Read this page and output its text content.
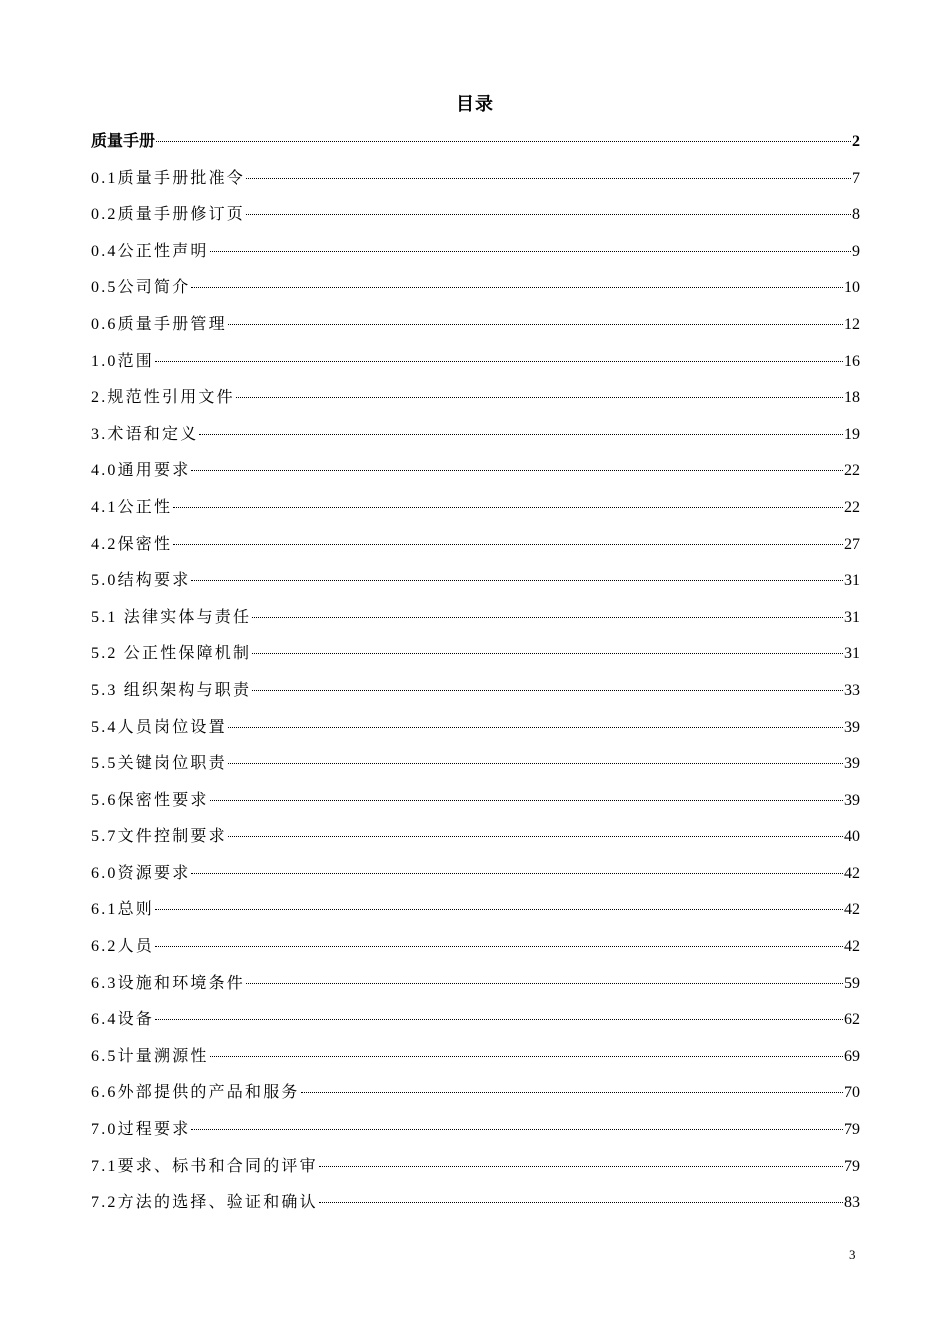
目录
质量手册	2
0.1质量手册批准令	7
0.2质量手册修订页	8
0.4公正性声明	9
0.5公司简介	10
0.6质量手册管理	12
1.0范围	16
2.规范性引用文件	18
3.术语和定义	19
4.0通用要求	22
4.1公正性	22
4.2保密性	27
5.0结构要求	31
5.1 法律实体与责任	31
5.2 公正性保障机制	31
5.3 组织架构与职责	33
5.4人员岗位设置	39
5.5关键岗位职责	39
5.6保密性要求	39
5.7文件控制要求	40
6.0资源要求	42
6.1总则	42
6.2人员	42
6.3设施和环境条件	59
6.4设备	62
6.5计量溯源性	69
6.6外部提供的产品和服务	70
7.0过程要求	79
7.1要求、标书和合同的评审	79
7.2方法的选择、验证和确认	83
3
